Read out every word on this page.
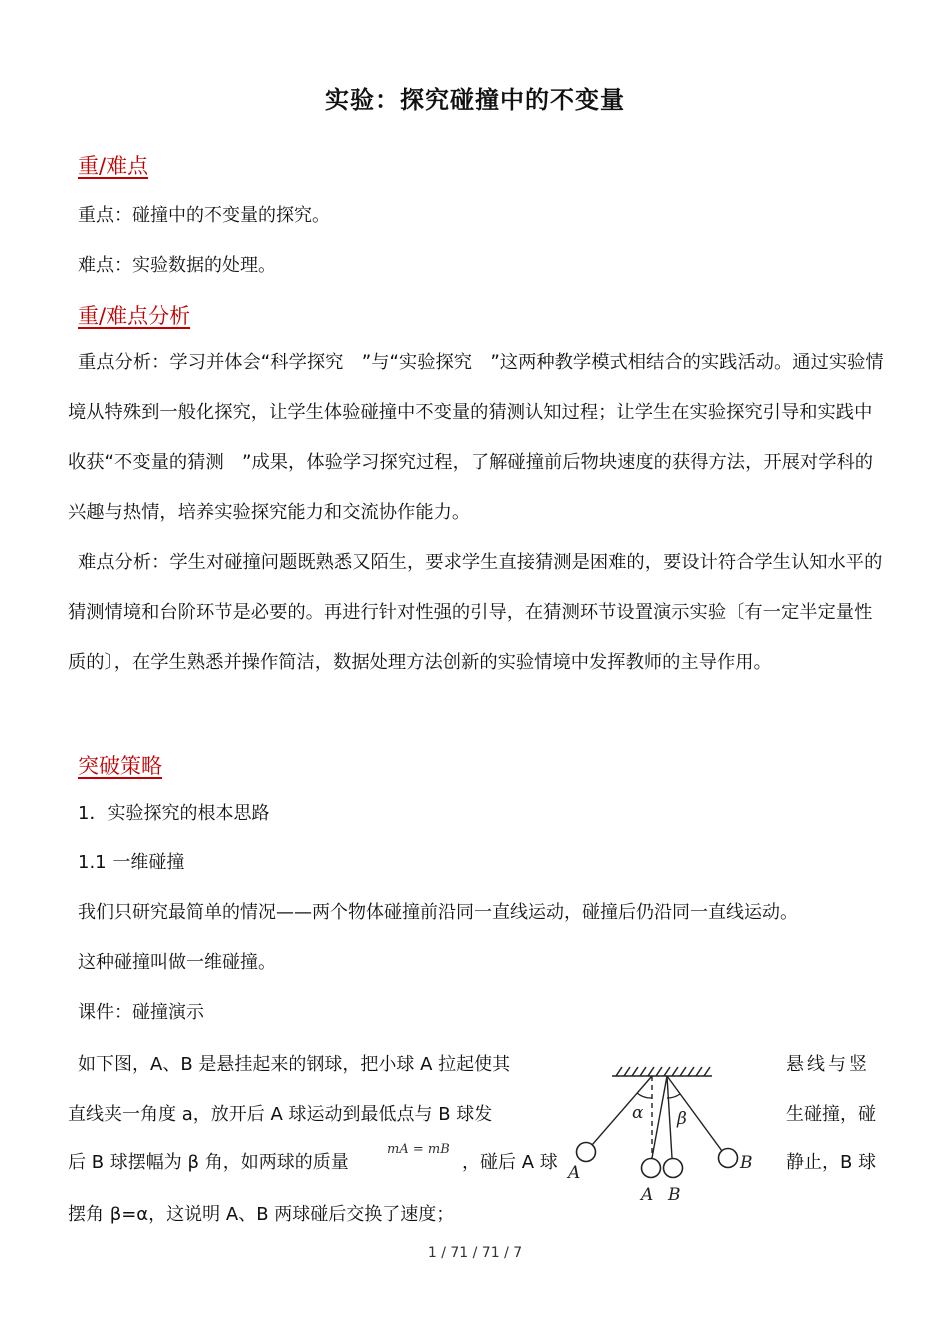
实验：探究碰撞中的不变量
重/难点
重点：碰撞中的不变量的探究。
难点：实验数据的处理。
重/难点分析

重点分析：学习并体会“科学探究　”与“实验探究　”这两种教学模式相结合的实践活动。通过实验情境从特殊到一般化探究，让学生体验碰撞中不变量的猜测认知过程；让学生在实验探究引导和实践中收获“不变量的猜测　”成果，体验学习探究过程，了解碰撞前后物块速度的获得方法，开展对学科的兴趣与热情，培养实验探究能力和交流协作能力。

难点分析：学生对碰撞问题既熟悉又陌生，要求学生直接猜测是困难的，要设计符合学生认知水平的猜测情境和台阶环节是必要的。再进行针对性强的引导，在猜测环节设置演示实验〔有一定半定量性质的〕，在学生熟悉并操作简洁，数据处理方法创新的实验情境中发挥教师的主导作用。

突破策略
1．实验探究的根本思路
1.1 一维碰撞
我们只研究最简单的情况——两个物体碰撞前沿同一直线运动，碰撞后仍沿同一直线运动。
这种碰撞叫做一维碰撞。
课件：碰撞演示
如下图，A、B 是悬挂起来的钢球，把小球 A 拉起使其	悬线与竖
直线夹一角度 a，放开后 A 球运动到最低点与 B 球发	生碰撞，碰
后 B 球摆幅为 β 角，如两球的质量
mA = mB
，碰后 A 球	静止，B 球
摆角 β=α，这说明 A、B 两球碰后交换了速度；
α β
A
A B
B
1 / 71 / 71 / 7
